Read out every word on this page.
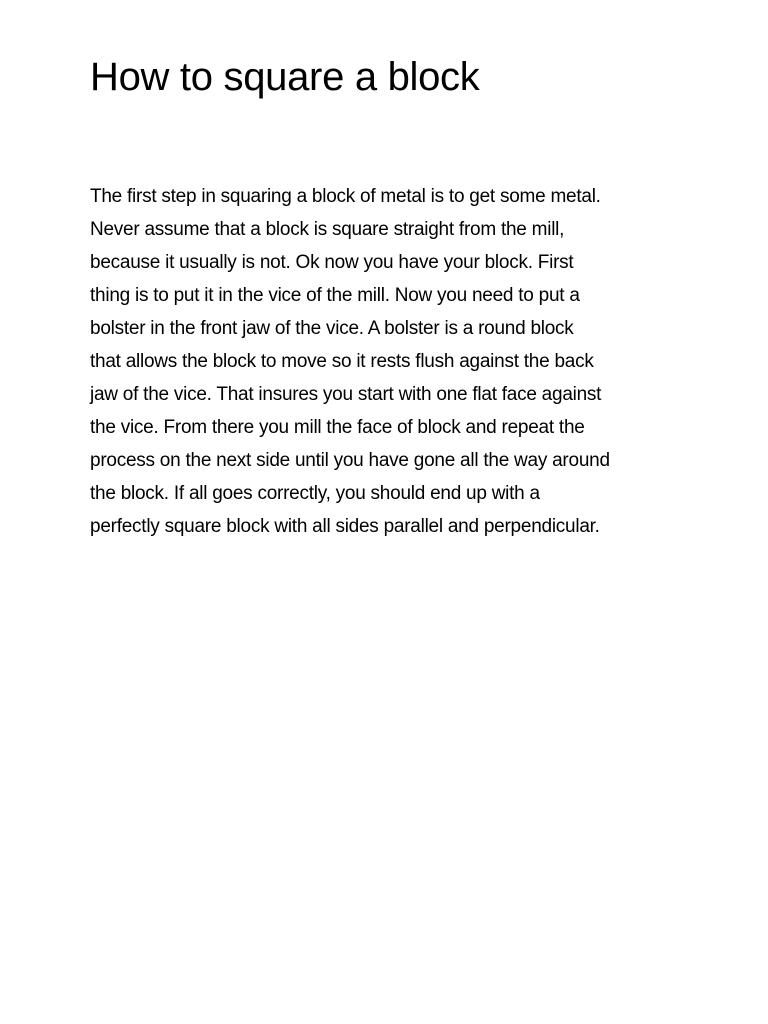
How to square a block
The first step in squaring a block of metal is to get some metal.
Never assume that a block is square straight from the mill,
because it usually is not. Ok now you have your block. First
thing is to put it in the vice of the mill. Now you need to put a
bolster in the front jaw of the vice. A bolster is a round block
that allows the block to move so it rests flush against the back
jaw of the vice. That insures you start with one flat face against
the vice. From there you mill the face of block and repeat the
process on the next side until you have gone all the way around
the block. If all goes correctly, you should end up with a
perfectly square block with all sides parallel and perpendicular.
